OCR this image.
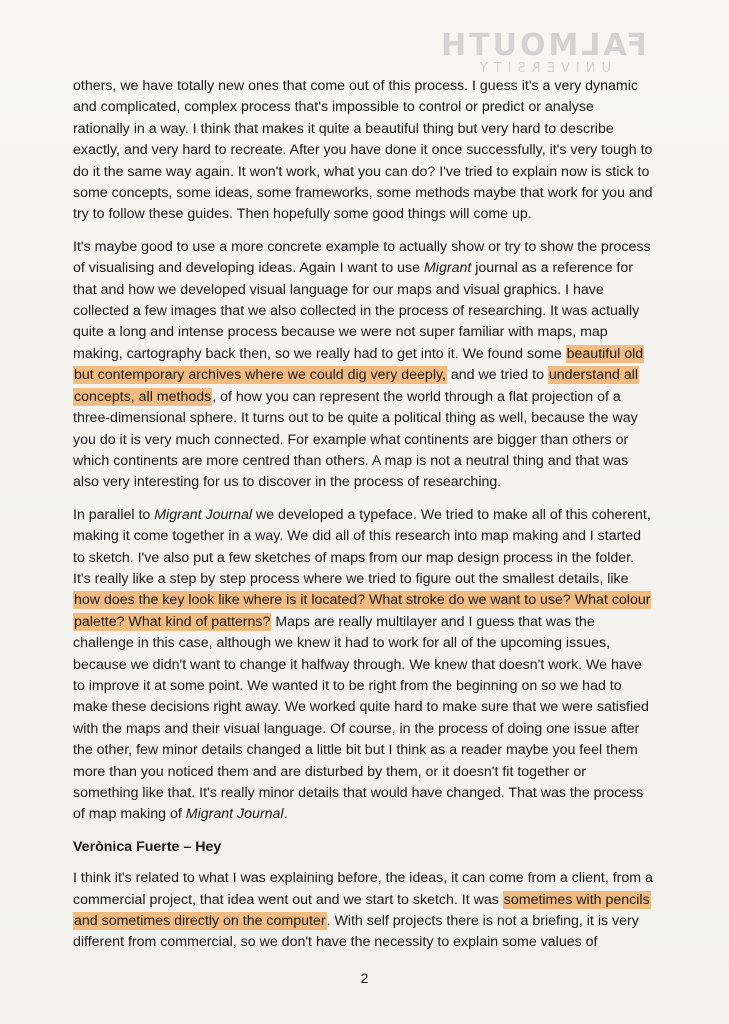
FALMOUTH
UNIVERSITY

others, we have totally new ones that come out of this process. I guess it's a very dynamic and complicated, complex process that's impossible to control or predict or analyse rationally in a way. I think that makes it quite a beautiful thing but very hard to describe exactly, and very hard to recreate. After you have done it once successfully, it's very tough to do it the same way again. It won't work, what you can do? I've tried to explain now is stick to some concepts, some ideas, some frameworks, some methods maybe that work for you and try to follow these guides. Then hopefully some good things will come up.

It's maybe good to use a more concrete example to actually show or try to show the process of visualising and developing ideas. Again I want to use Migrant journal as a reference for that and how we developed visual language for our maps and visual graphics. I have collected a few images that we also collected in the process of researching. It was actually quite a long and intense process because we were not super familiar with maps, map making, cartography back then, so we really had to get into it. We found some beautiful old but contemporary archives where we could dig very deeply, and we tried to understand all concepts, all methods, of how you can represent the world through a flat projection of a three-dimensional sphere. It turns out to be quite a political thing as well, because the way you do it is very much connected. For example what continents are bigger than others or which continents are more centred than others. A map is not a neutral thing and that was also very interesting for us to discover in the process of researching.

In parallel to Migrant Journal we developed a typeface. We tried to make all of this coherent, making it come together in a way. We did all of this research into map making and I started to sketch. I've also put a few sketches of maps from our map design process in the folder. It's really like a step by step process where we tried to figure out the smallest details, like how does the key look like where is it located? What stroke do we want to use? What colour palette? What kind of patterns? Maps are really multilayer and I guess that was the challenge in this case, although we knew it had to work for all of the upcoming issues, because we didn't want to change it halfway through. We knew that doesn't work. We have to improve it at some point. We wanted it to be right from the beginning on so we had to make these decisions right away. We worked quite hard to make sure that we were satisfied with the maps and their visual language. Of course, in the process of doing one issue after the other, few minor details changed a little bit but I think as a reader maybe you feel them more than you noticed them and are disturbed by them, or it doesn't fit together or something like that. It's really minor details that would have changed. That was the process of map making of Migrant Journal.

Verònica Fuerte – Hey

I think it's related to what I was explaining before, the ideas, it can come from a client, from a commercial project, that idea went out and we start to sketch. It was sometimes with pencils and sometimes directly on the computer. With self projects there is not a briefing, it is very different from commercial, so we don't have the necessity to explain some values of

2
